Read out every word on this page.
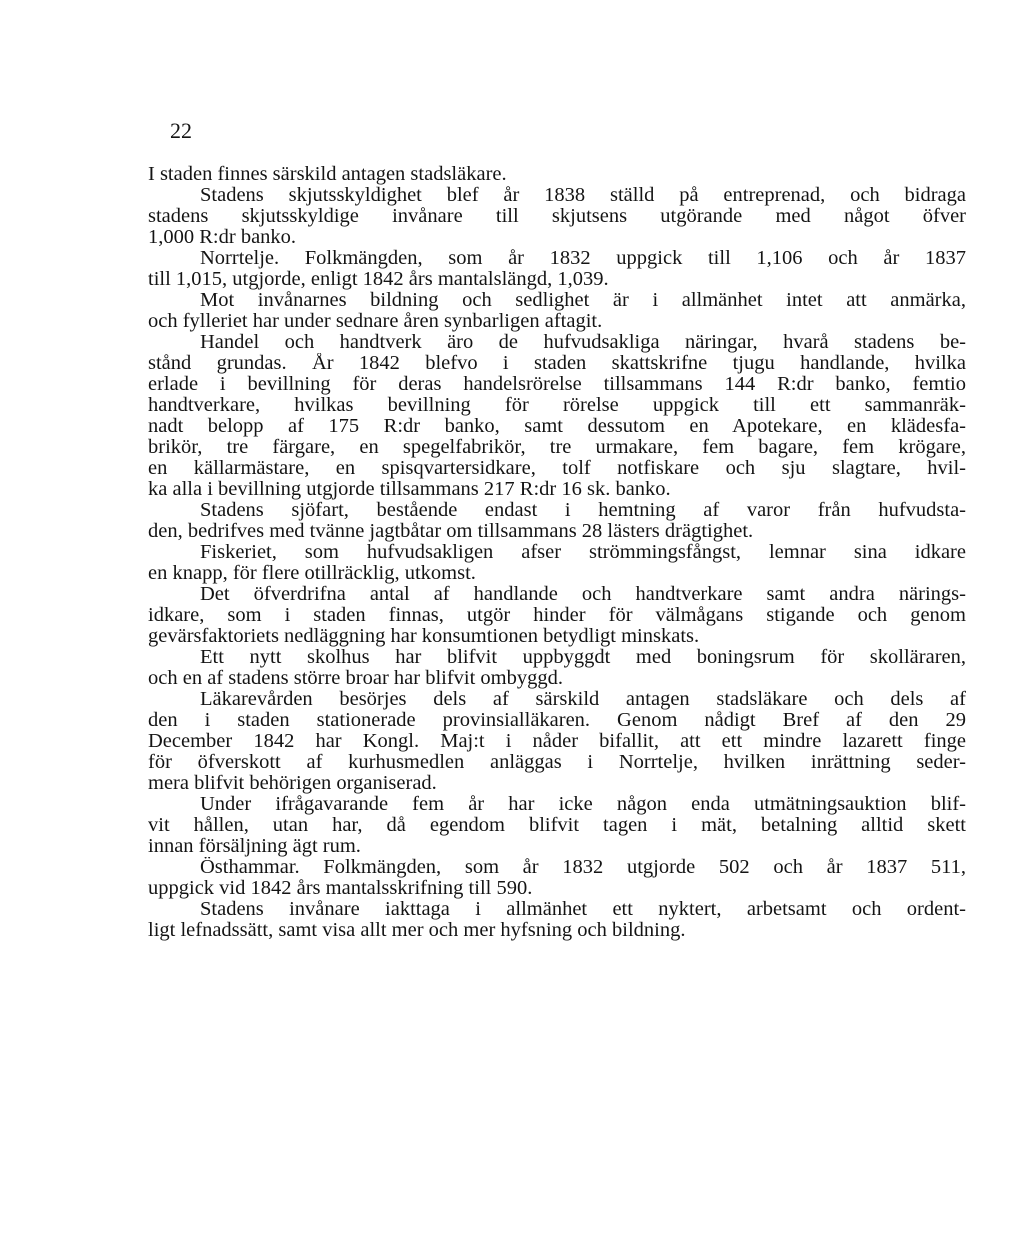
22
I staden finnes särskild antagen stadsläkare.
Stadens skjutsskyldighet blef år 1838 ställd på entreprenad, och bidraga
stadens skjutsskyldige invånare till skjutsens utgörande med något öfver
1,000 R:dr banko.
Norrtelje. Folkmängden, som år 1832 uppgick till 1,106 och år 1837
till 1,015, utgjorde, enligt 1842 års mantalslängd, 1,039.
Mot invånarnes bildning och sedlighet är i allmänhet intet att anmärka,
och fylleriet har under sednare åren synbarligen aftagit.
Handel och handtverk äro de hufvudsakliga näringar, hvarå stadens be-
stånd grundas. År 1842 blefvo i staden skattskrifne tjugu handlande, hvilka
erlade i bevillning för deras handelsrörelse tillsammans 144 R:dr banko, femtio
handtverkare, hvilkas bevillning för rörelse uppgick till ett sammanräk-
nadt belopp af 175 R:dr banko, samt dessutom en Apotekare, en klädesfa-
brikör, tre färgare, en spegelfabrikör, tre urmakare, fem bagare, fem krögare,
en källarmästare, en spisqvartersidkare, tolf notfiskare och sju slagtare, hvil-
ka alla i bevillning utgjorde tillsammans 217 R:dr 16 sk. banko.
Stadens sjöfart, bestående endast i hemtning af varor från hufvudsta-
den, bedrifves med tvänne jagtbåtar om tillsammans 28 lästers drägtighet.
Fiskeriet, som hufvudsakligen afser strömmingsfångst, lemnar sina idkare
en knapp, för flere otillräcklig, utkomst.
Det öfverdrifna antal af handlande och handtverkare samt andra närings-
idkare, som i staden finnas, utgör hinder för välmågans stigande och genom
gevärsfaktoriets nedläggning har konsumtionen betydligt minskats.
Ett nytt skolhus har blifvit uppbyggdt med boningsrum för skolläraren,
och en af stadens större broar har blifvit ombyggd.
Läkarevården besörjes dels af särskild antagen stadsläkare och dels af
den i staden stationerade provinsialläkaren. Genom nådigt Bref af den 29
December 1842 har Kongl. Maj:t i nåder bifallit, att ett mindre lazarett finge
för öfverskott af kurhusmedlen anläggas i Norrtelje, hvilken inrättning seder-
mera blifvit behörigen organiserad.
Under ifrågavarande fem år har icke någon enda utmätningsauktion blif-
vit hållen, utan har, då egendom blifvit tagen i mät, betalning alltid skett
innan försäljning ägt rum.
Östhammar. Folkmängden, som år 1832 utgjorde 502 och år 1837 511,
uppgick vid 1842 års mantalsskrifning till 590.
Stadens invånare iakttaga i allmänhet ett nyktert, arbetsamt och ordent-
ligt lefnadssätt, samt visa allt mer och mer hyfsning och bildning.
